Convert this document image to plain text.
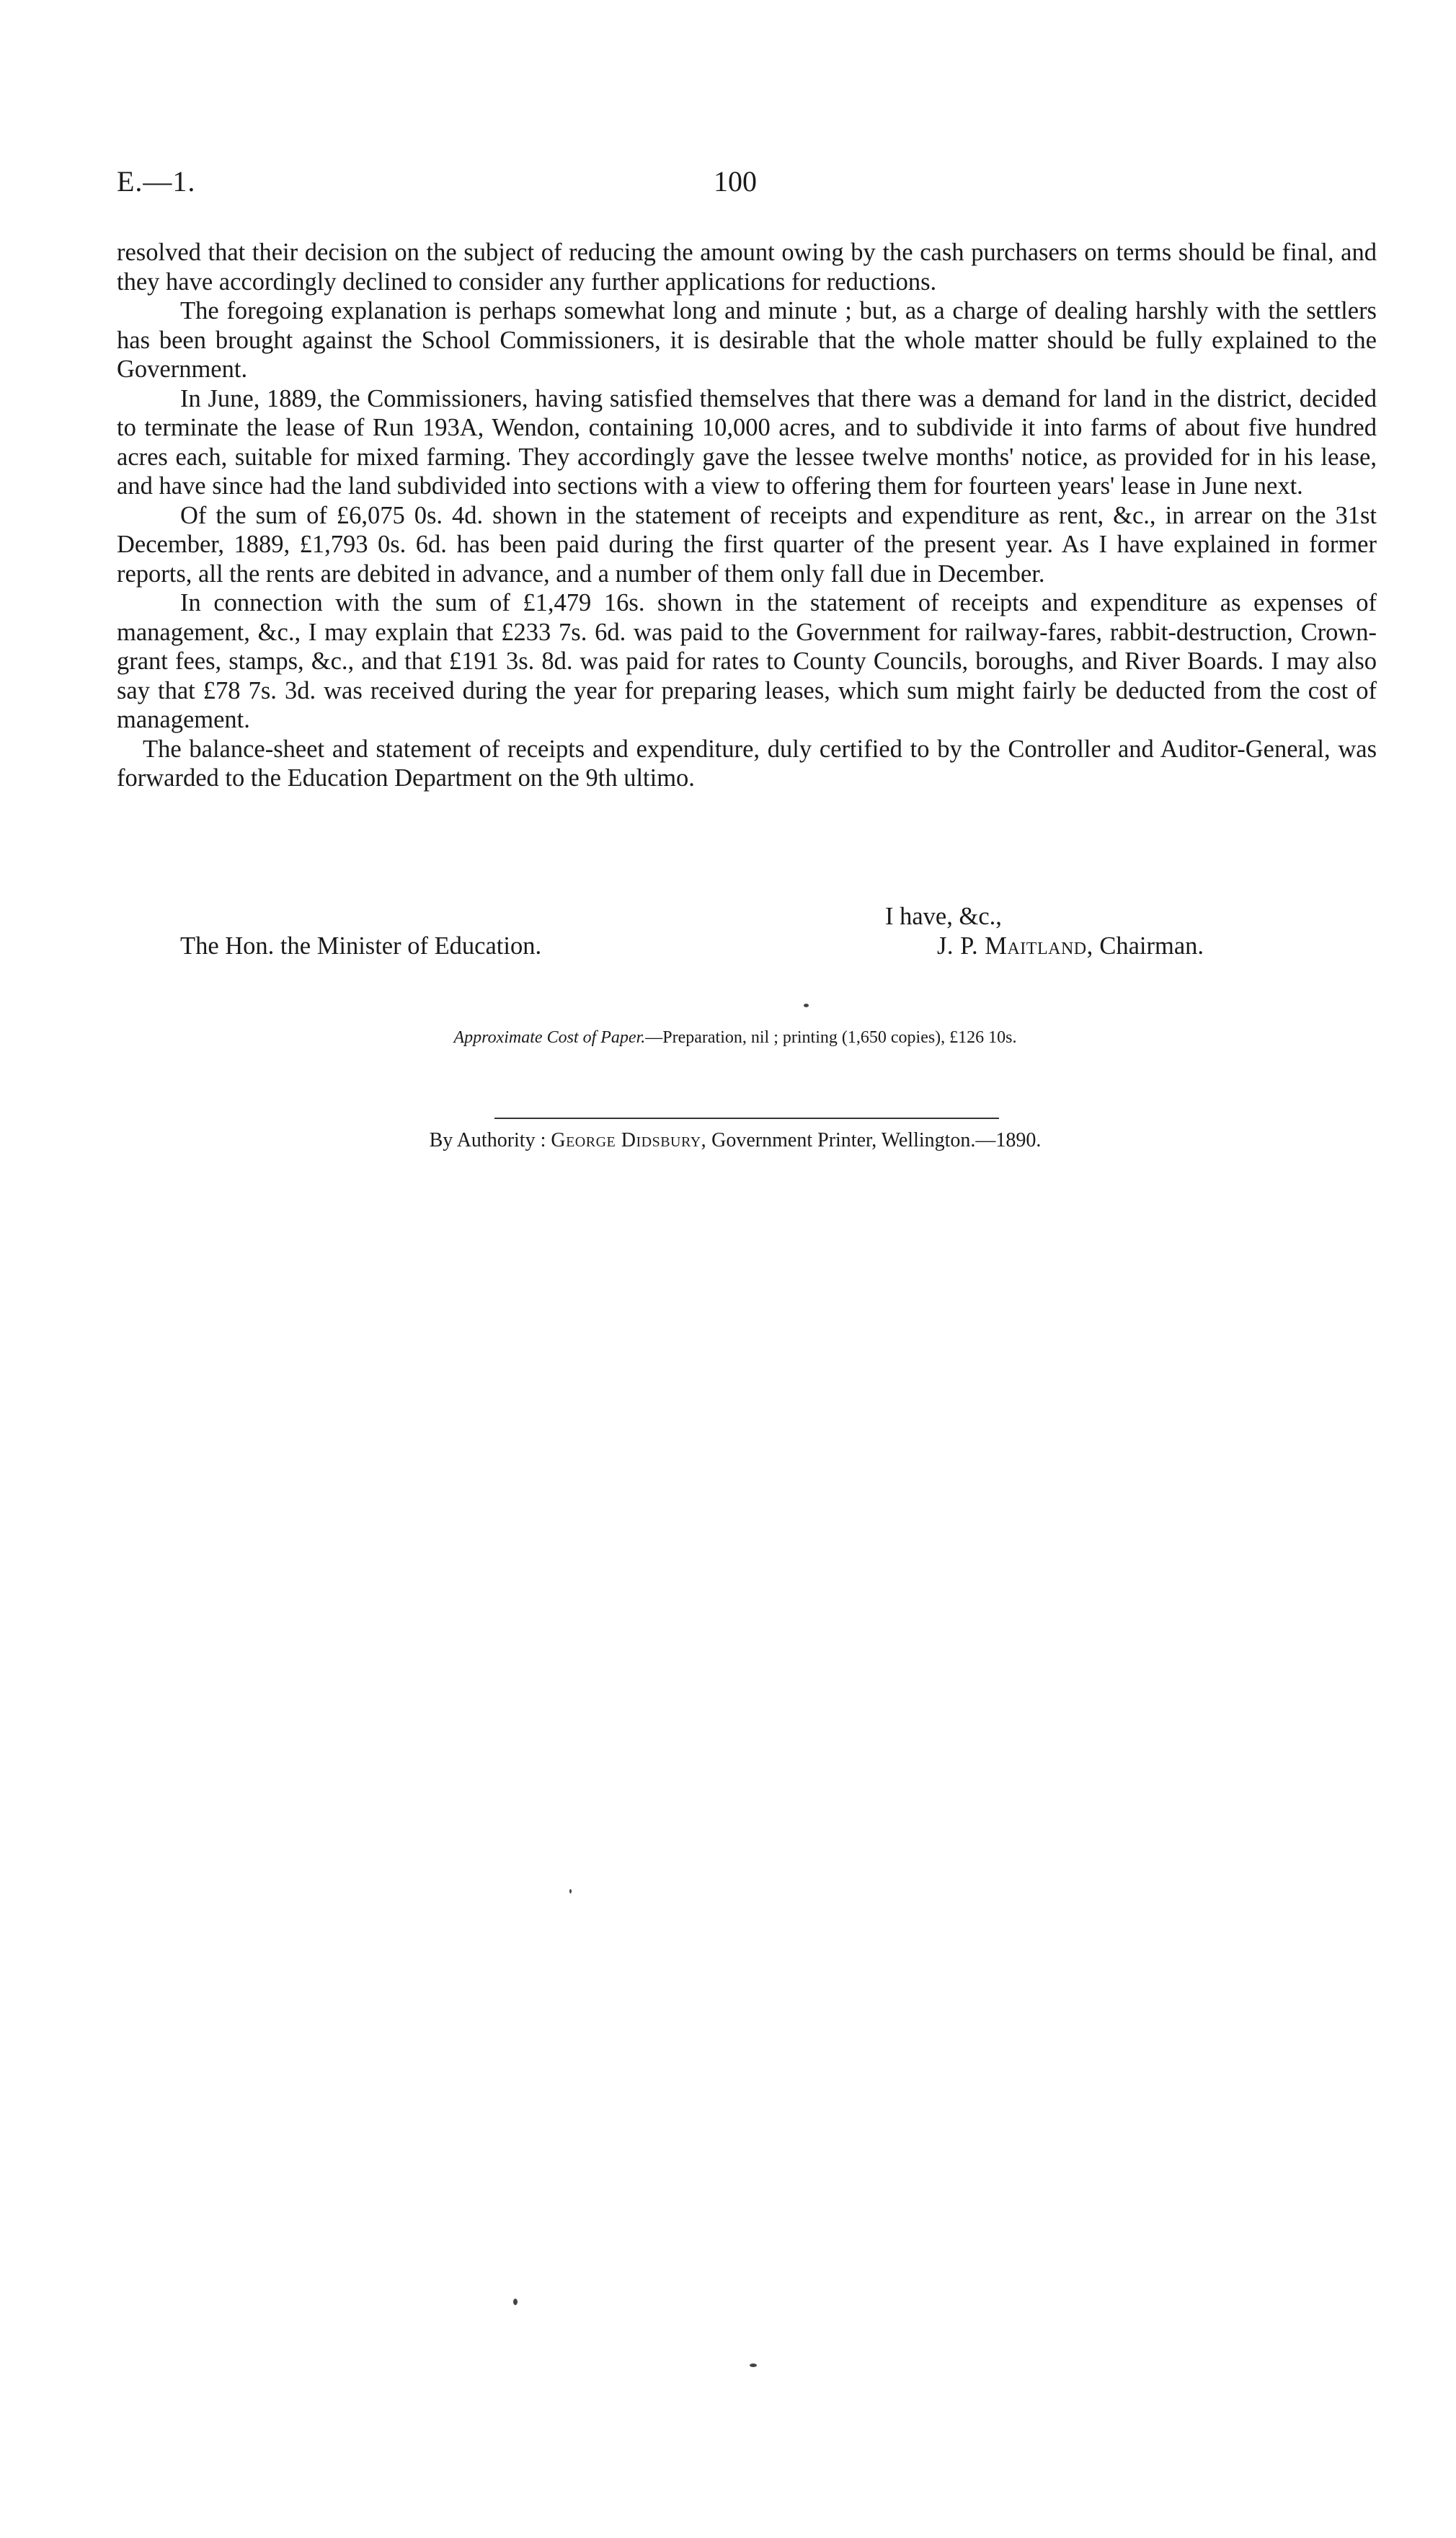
E.—1.	100

resolved that their decision on the subject of reducing the amount owing by the cash purchasers on terms should be final, and they have accordingly declined to consider any further applications for reductions.

The foregoing explanation is perhaps somewhat long and minute ; but, as a charge of dealing harshly with the settlers has been brought against the School Commissioners, it is desirable that the whole matter should be fully explained to the Government.

In June, 1889, the Commissioners, having satisfied themselves that there was a demand for land in the district, decided to terminate the lease of Run 193A, Wendon, containing 10,000 acres, and to subdivide it into farms of about five hundred acres each, suitable for mixed farming. They accordingly gave the lessee twelve months' notice, as provided for in his lease, and have since had the land subdivided into sections with a view to offering them for fourteen years' lease in June next.

Of the sum of £6,075 0s. 4d. shown in the statement of receipts and expenditure as rent, &c., in arrear on the 31st December, 1889, £1,793 0s. 6d. has been paid during the first quarter of the present year. As I have explained in former reports, all the rents are debited in advance, and a number of them only fall due in December.

In connection with the sum of £1,479 16s. shown in the statement of receipts and expenditure as expenses of management, &c., I may explain that £233 7s. 6d. was paid to the Government for railway-fares, rabbit-destruction, Crown-grant fees, stamps, &c., and that £191 3s. 8d. was paid for rates to County Councils, boroughs, and River Boards. I may also say that £78 7s. 3d. was received during the year for preparing leases, which sum might fairly be deducted from the cost of management.

The balance-sheet and statement of receipts and expenditure, duly certified to by the Controller and Auditor-General, was forwarded to the Education Department on the 9th ultimo.

I have, &c.,
The Hon. the Minister of Education.	J. P. Maitland, Chairman.
Approximate Cost of Paper.—Preparation, nil ; printing (1,650 copies), £126 10s.
By Authority : George Didsbury, Government Printer, Wellington.—1890.
